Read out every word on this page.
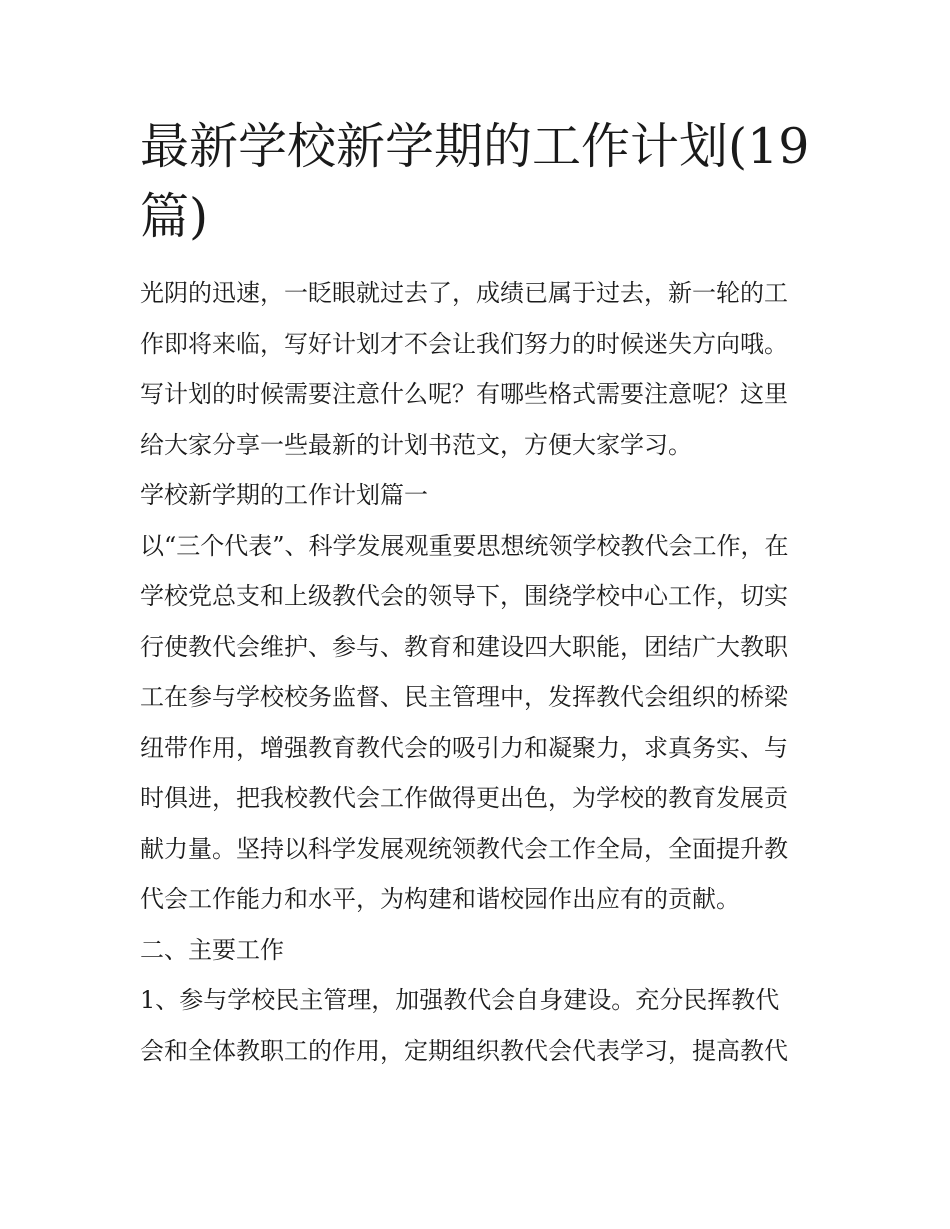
最新学校新学期的工作计划(19
篇)

光阴的迅速，一眨眼就过去了，成绩已属于过去，新一轮的工
作即将来临，写好计划才不会让我们努力的时候迷失方向哦。
写计划的时候需要注意什么呢？有哪些格式需要注意呢？这里
给大家分享一些最新的计划书范文，方便大家学习。

学校新学期的工作计划篇一

以“三个代表”、科学发展观重要思想统领学校教代会工作，在
学校党总支和上级教代会的领导下，围绕学校中心工作，切实
行使教代会维护、参与、教育和建设四大职能，团结广大教职
工在参与学校校务监督、民主管理中，发挥教代会组织的桥梁
纽带作用，增强教育教代会的吸引力和凝聚力，求真务实、与
时俱进，把我校教代会工作做得更出色，为学校的教育发展贡
献力量。坚持以科学发展观统领教代会工作全局，全面提升教
代会工作能力和水平，为构建和谐校园作出应有的贡献。

二、主要工作

1、参与学校民主管理，加强教代会自身建设。充分民挥教代
会和全体教职工的作用，定期组织教代会代表学习，提高教代
